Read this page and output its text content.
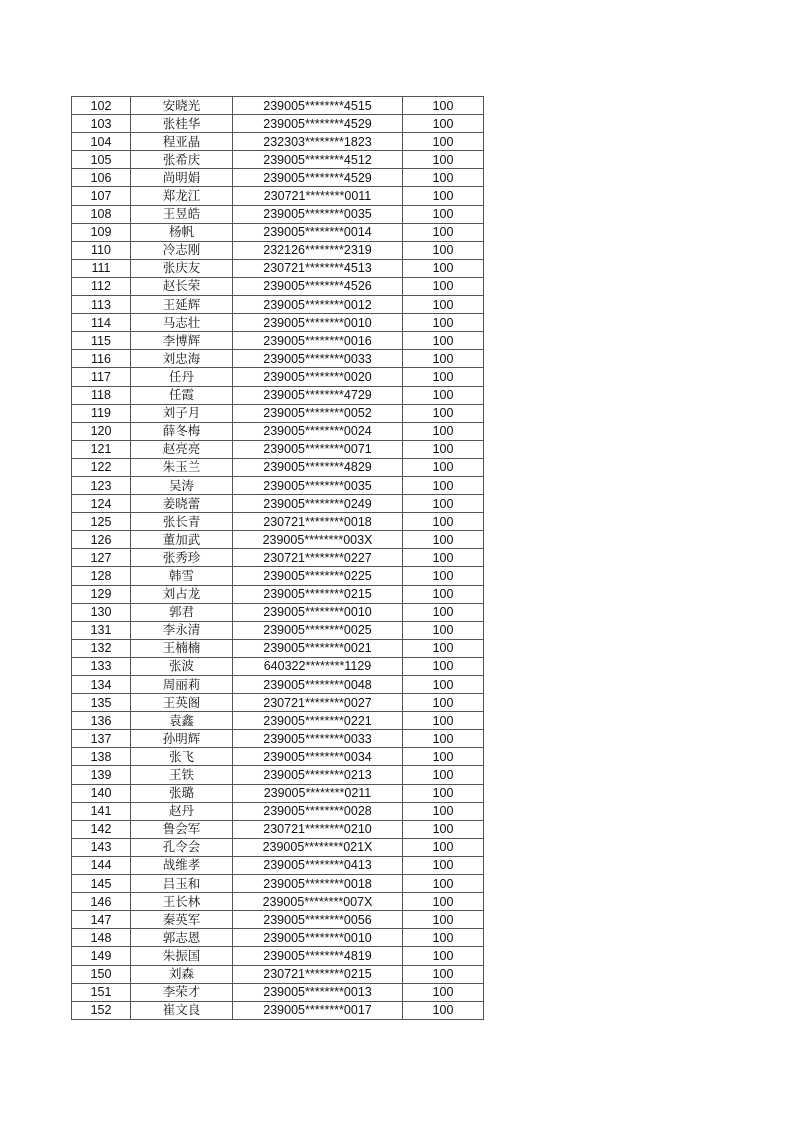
102	安晓光	239005********4515	100
103	张桂华	239005********4529	100
104	程亚晶	232303********1823	100
105	张希庆	239005********4512	100
106	尚明娟	239005********4529	100
107	郑龙江	230721********0011	100
108	王昱皓	239005********0035	100
109	杨帆	239005********0014	100
110	冷志刚	232126********2319	100
111	张庆友	230721********4513	100
112	赵长荣	239005********4526	100
113	王延辉	239005********0012	100
114	马志壮	239005********0010	100
115	李博辉	239005********0016	100
116	刘忠海	239005********0033	100
117	任丹	239005********0020	100
118	任霞	239005********4729	100
119	刘子月	239005********0052	100
120	薛冬梅	239005********0024	100
121	赵亮亮	239005********0071	100
122	朱玉兰	239005********4829	100
123	吴涛	239005********0035	100
124	姜晓蕾	239005********0249	100
125	张长青	230721********0018	100
126	董加武	239005********003X	100
127	张秀珍	230721********0227	100
128	韩雪	239005********0225	100
129	刘占龙	239005********0215	100
130	郭君	239005********0010	100
131	李永清	239005********0025	100
132	王楠楠	239005********0021	100
133	张波	640322********1129	100
134	周丽莉	239005********0048	100
135	王英阁	230721********0027	100
136	袁鑫	239005********0221	100
137	孙明辉	239005********0033	100
138	张飞	239005********0034	100
139	王铁	239005********0213	100
140	张璐	239005********0211	100
141	赵丹	239005********0028	100
142	鲁会军	230721********0210	100
143	孔令会	239005********021X	100
144	战维孝	239005********0413	100
145	吕玉和	239005********0018	100
146	王长林	239005********007X	100
147	秦英军	239005********0056	100
148	郭志恩	239005********0010	100
149	朱振国	239005********4819	100
150	刘森	230721********0215	100
151	李荣才	239005********0013	100
152	崔文良	239005********0017	100
